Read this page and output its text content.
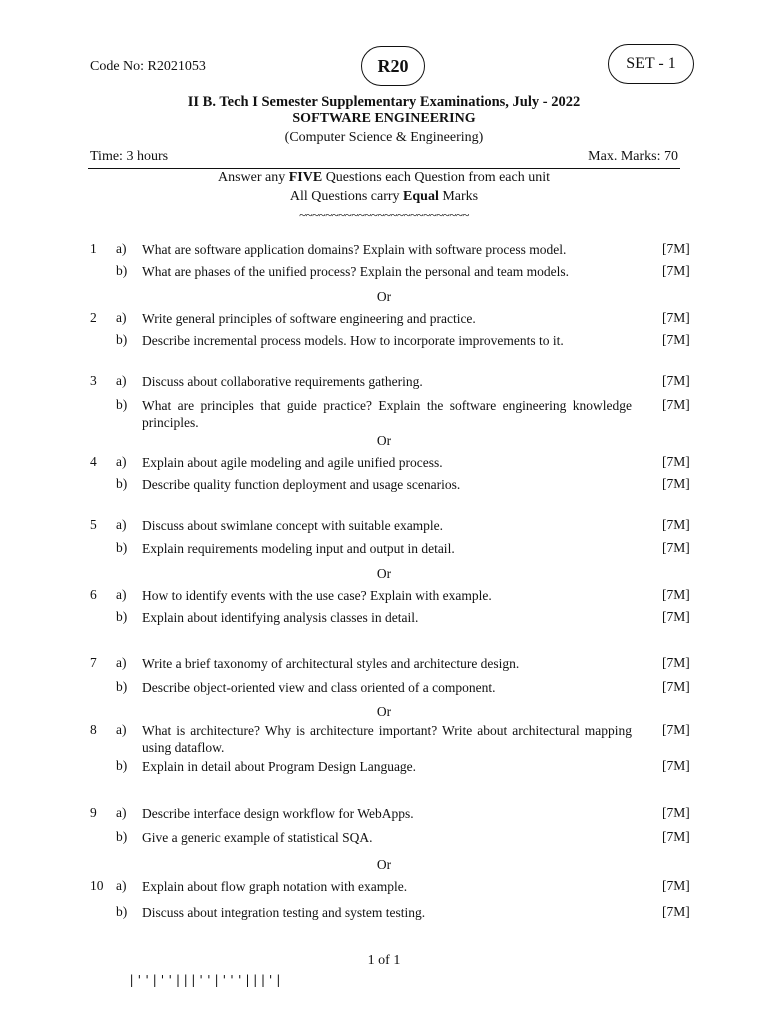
Code No: R2021053	R20	SET - 1
II B. Tech I Semester Supplementary Examinations, July - 2022
SOFTWARE ENGINEERING
(Computer Science & Engineering)
Time: 3 hours	Max. Marks: 70
Answer any FIVE Questions each Question from each unit
All Questions carry Equal Marks
~~~~~~~~~~~~~~~~~~~~~~~~~~
1	a)	What are software application domains? Explain with software process model.	[7M]
b)	What are phases of the unified process? Explain the personal and team models.	[7M]
Or
2	a)	Write general principles of software engineering and practice.	[7M]
b)	Describe incremental process models. How to incorporate improvements to it.	[7M]
3	a)	Discuss about collaborative requirements gathering.	[7M]
b)	What are principles that guide practice? Explain the software engineering knowledge principles.
[7M]
Or
4	a)	Explain about agile modeling and agile unified process.	[7M]
b)	Describe quality function deployment and usage scenarios.	[7M]
5	a)	Discuss about swimlane concept with suitable example.	[7M]
b)	Explain requirements modeling input and output in detail.	[7M]
Or
6	a)	How to identify events with the use case? Explain with example.	[7M]
b)	Explain about identifying analysis classes in detail.	[7M]
7	a)	Write a brief taxonomy of architectural styles and architecture design.	[7M]
b)	Describe object-oriented view and class oriented of a component.	[7M]
Or
8	a)	What is architecture? Why is architecture important? Write about architectural mapping using dataflow.
[7M]
b)	Explain in detail about Program Design Language.	[7M]
9	a)	Describe interface design workflow for WebApps.	[7M]
b)	Give a generic example of statistical SQA.	[7M]
Or
10 a)	Explain about flow graph notation with example.	[7M]
b)	Discuss about integration testing and system testing.	[7M]
1 of 1
|''|''|||''|'''|||'|
